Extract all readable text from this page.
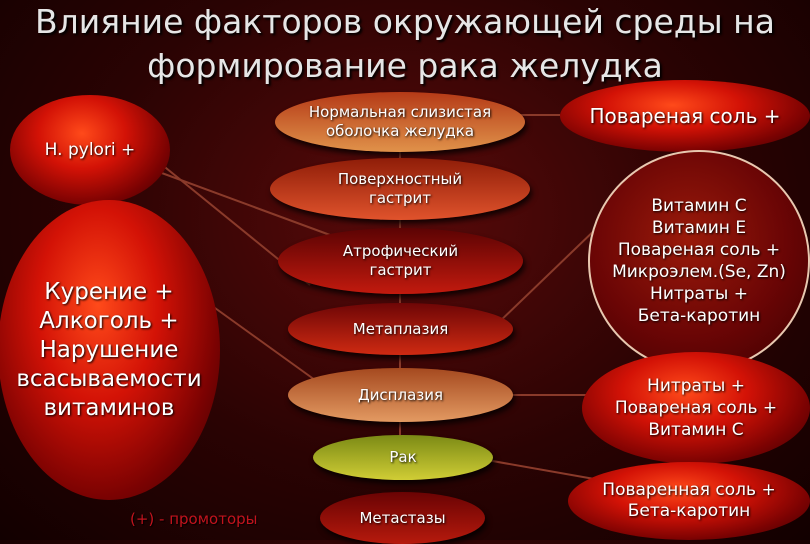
Влияние факторов окружающей среды на
формирование рака желудка
H. pylori +
Курение +
Алкоголь +
Нарушение
всасываемости
витаминов
Нормальная слизистая
оболочка желудка
Поверхностный
гастрит
Атрофический
гастрит
Метаплазия
Дисплазия
Рак
Метастазы
Повареная соль +
Витамин С
Витамин Е
Повареная соль +
Микроэлем.(Se, Zn)
Нитраты +
Бета-каротин
Нитраты +
Повареная соль +
Витамин С
Поваренная соль +
Бета-каротин
(+) - промоторы
